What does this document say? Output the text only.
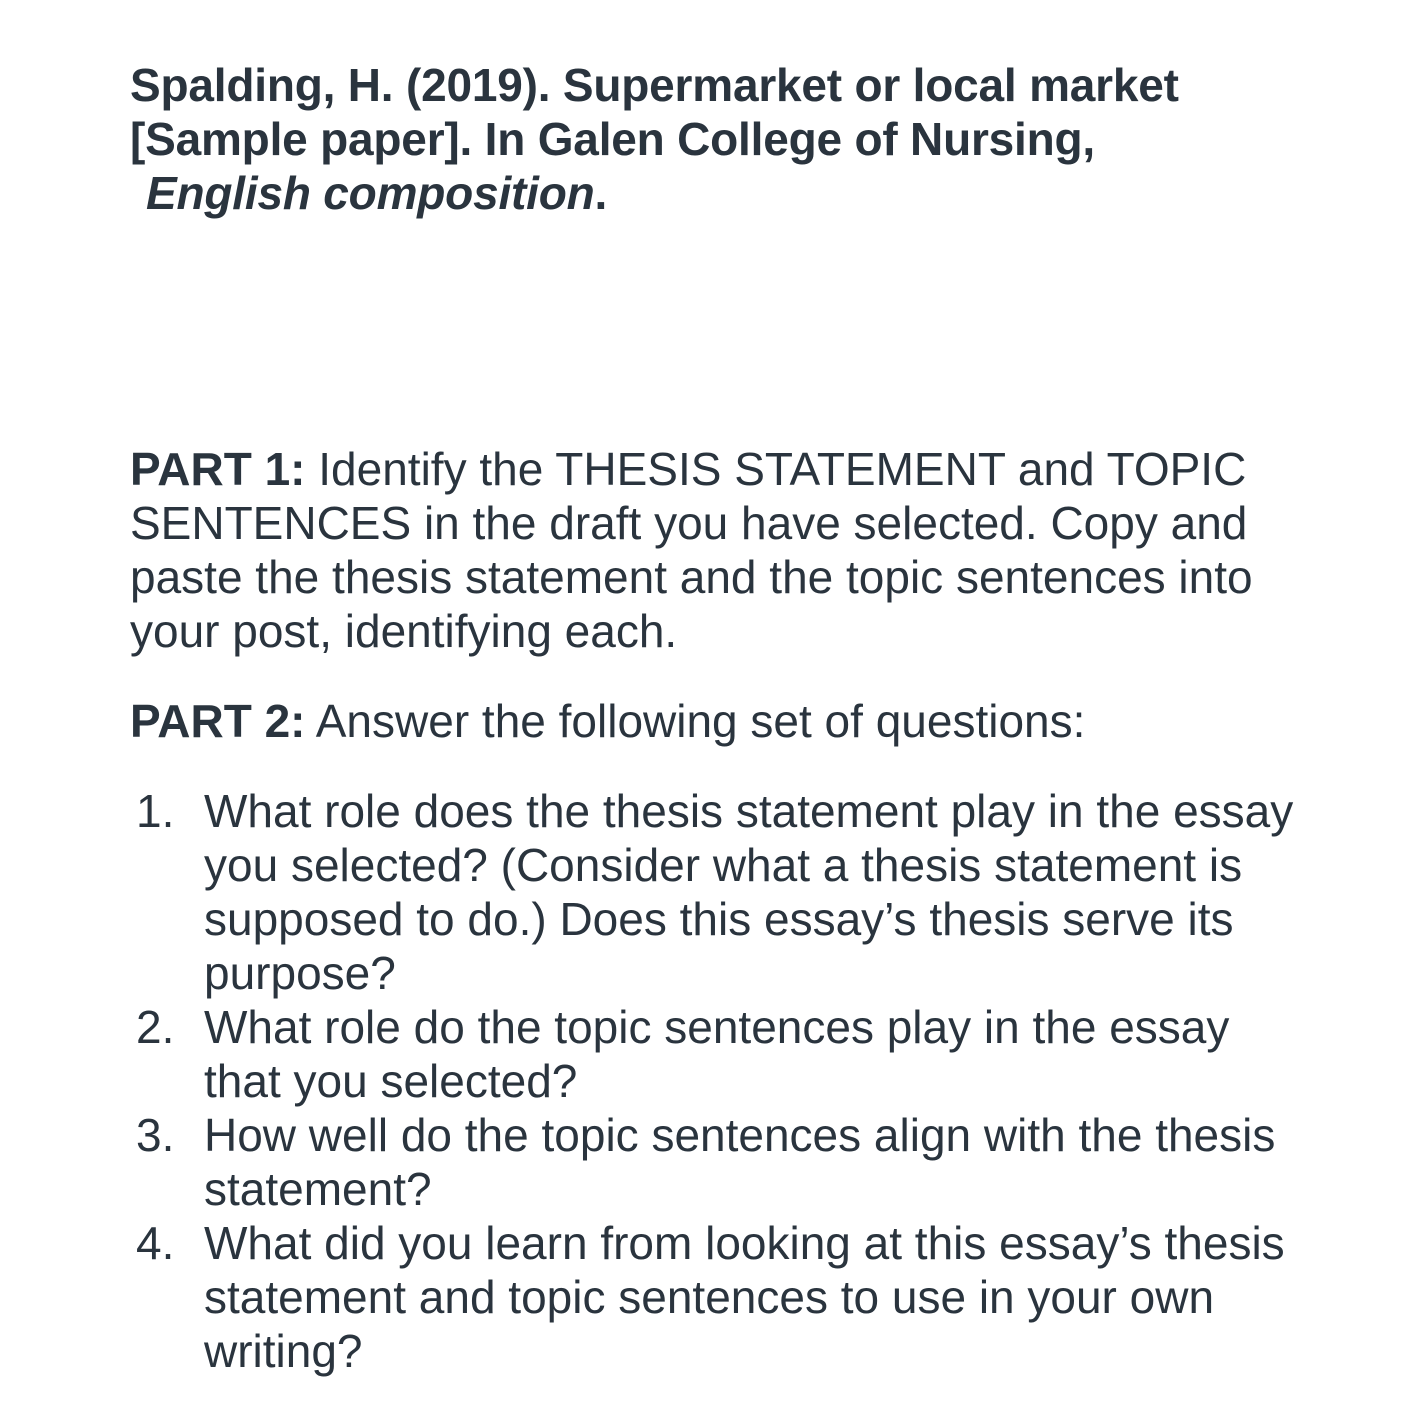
Spalding, H. (2019). Supermarket or local market [Sample paper]. In Galen College of Nursing,
English composition.

PART 1: Identify the THESIS STATEMENT and TOPIC SENTENCES in the draft you have selected. Copy and paste the thesis statement and the topic sentences into your post, identifying each.

PART 2: Answer the following set of questions:

1. What role does the thesis statement play in the essay you selected? (Consider what a thesis statement is supposed to do.) Does this essay’s thesis serve its purpose?
2. What role do the topic sentences play in the essay that you selected?
3. How well do the topic sentences align with the thesis statement?
4. What did you learn from looking at this essay’s thesis statement and topic sentences to use in your own writing?
